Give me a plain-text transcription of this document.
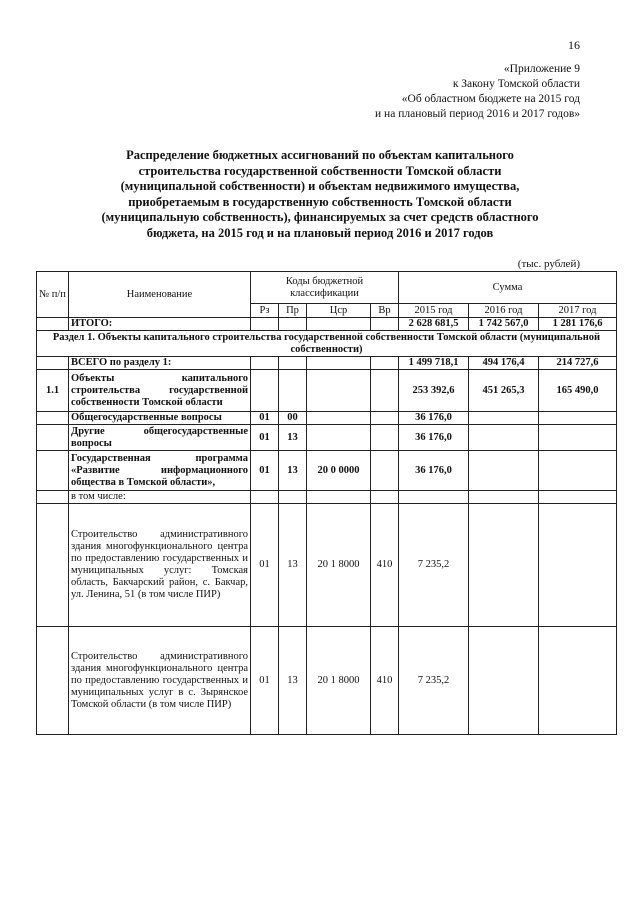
16
«Приложение 9
к Закону Томской области
«Об областном бюджете на 2015 год
и на плановый период 2016 и 2017 годов»
Распределение бюджетных ассигнований по объектам капитального
строительства государственной собственности Томской области
(муниципальной собственности) и объектам недвижимого имущества,
приобретаемым в государственную собственность Томской области
(муниципальную собственность), финансируемых за счет средств областного
бюджета, на 2015 год и на плановый период 2016 и 2017 годов
(тыс. рублей)
№ п/п	Наименование	Коды бюджетной классификации				Сумма		
		Рз	Пр	Цср	Вр	2015 год	2016 год	2017 год
	ИТОГО:					2 628 681,5	1 742 567,0	1 281 176,6
Раздел 1. Объекты капитального строительства государственной собственности Томской области (муниципальной собственности)								
	ВСЕГО по разделу 1:					1 499 718,1	494 176,4	214 727,6
1.1	Объекты капитального строительства государственной собственности Томской области					253 392,6	451 265,3	165 490,0
	Общегосударственные вопросы	01	00			36 176,0		
	Другие общегосударственные вопросы	01	13			36 176,0		
	Государственная программа «Развитие информационного общества в Томской области»,	01	13	20 0 0000		36 176,0		
	в том числе:							
	Строительство административного здания многофункционального центра по предоставлению государственных и муниципальных услуг: Томская область, Бакчарский район, с. Бакчар, ул. Ленина, 51 (в том числе ПИР)	01	13	20 1 8000	410	7 235,2		
	Строительство административного здания многофункционального центра по предоставлению государственных и муниципальных услуг в с. Зырянское Томской области (в том числе ПИР)	01	13	20 1 8000	410	7 235,2		
